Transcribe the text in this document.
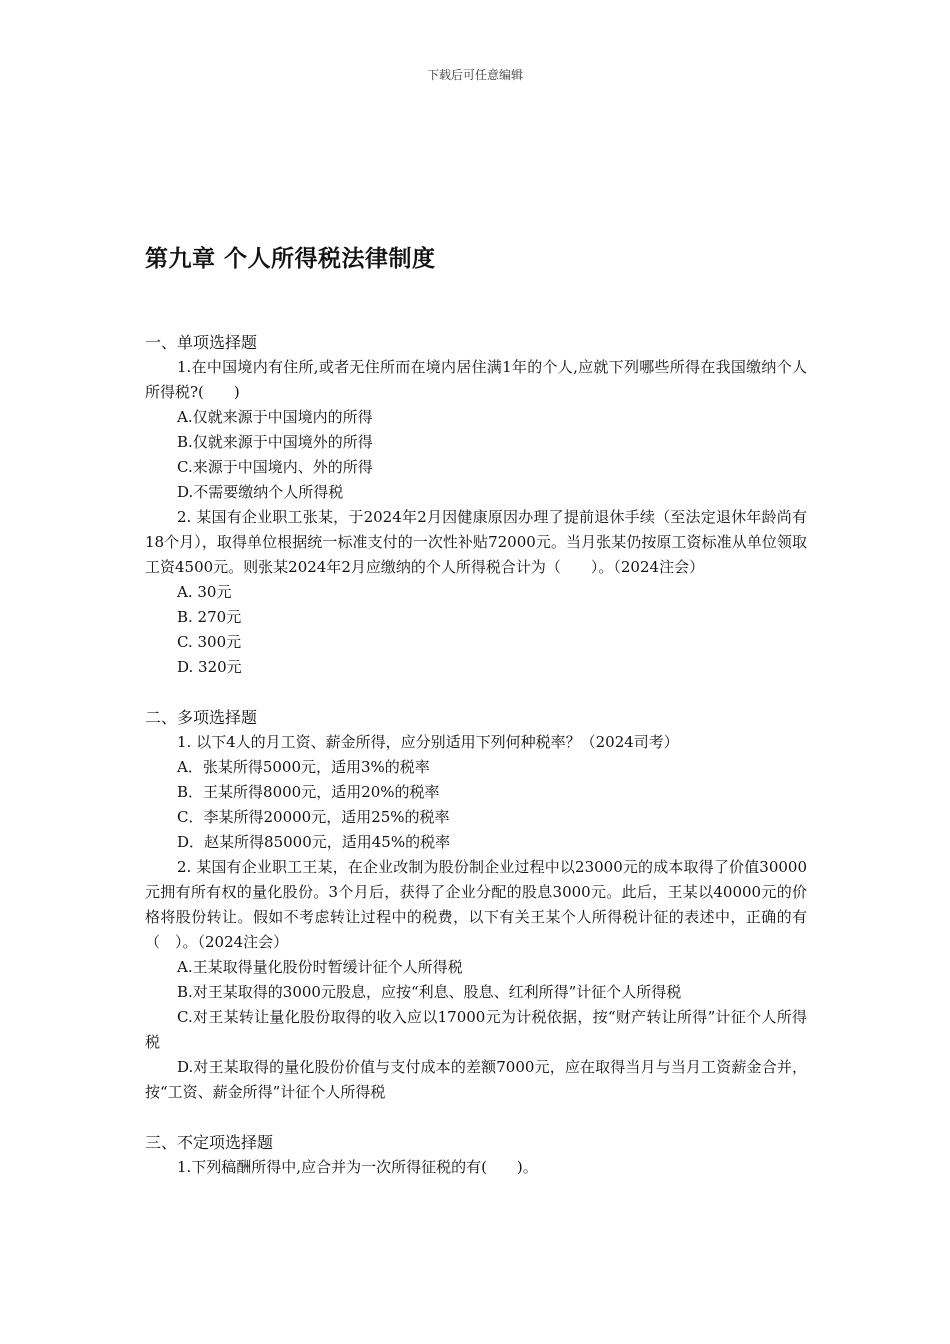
下载后可任意编辑
第九章 个人所得税法律制度
一、单项选择题
1.在中国境内有住所,或者无住所而在境内居住满1年的个人,应就下列哪些所得在我国缴纳个人所得税?(　　)
A.仅就来源于中国境内的所得
B.仅就来源于中国境外的所得
C.来源于中国境内、外的所得
D.不需要缴纳个人所得税
2. 某国有企业职工张某，于2024年2月因健康原因办理了提前退休手续（至法定退休年龄尚有18个月），取得单位根据统一标准支付的一次性补贴72000元。当月张某仍按原工资标准从单位领取工资4500元。则张某2024年2月应缴纳的个人所得税合计为（　　）。（2024注会）
A. 30元
B. 270元
C. 300元
D. 320元
二、多项选择题
1. 以下4人的月工资、薪金所得，应分别适用下列何种税率？（2024司考）
A．张某所得5000元，适用3%的税率
B．王某所得8000元，适用20%的税率
C．李某所得20000元，适用25%的税率
D．赵某所得85000元，适用45%的税率
2. 某国有企业职工王某，在企业改制为股份制企业过程中以23000元的成本取得了价值30000元拥有所有权的量化股份。3个月后，获得了企业分配的股息3000元。此后，王某以40000元的价格将股份转让。假如不考虑转让过程中的税费，以下有关王某个人所得税计征的表述中，正确的有（　）。（2024注会）
A.王某取得量化股份时暂缓计征个人所得税
B.对王某取得的3000元股息，应按“利息、股息、红利所得”计征个人所得税
C.对王某转让量化股份取得的收入应以17000元为计税依据，按“财产转让所得”计征个人所得税
D.对王某取得的量化股份价值与支付成本的差额7000元，应在取得当月与当月工资薪金合并，按“工资、薪金所得”计征个人所得税
三、不定项选择题
1.下列稿酬所得中,应合并为一次所得征税的有(　　)。
